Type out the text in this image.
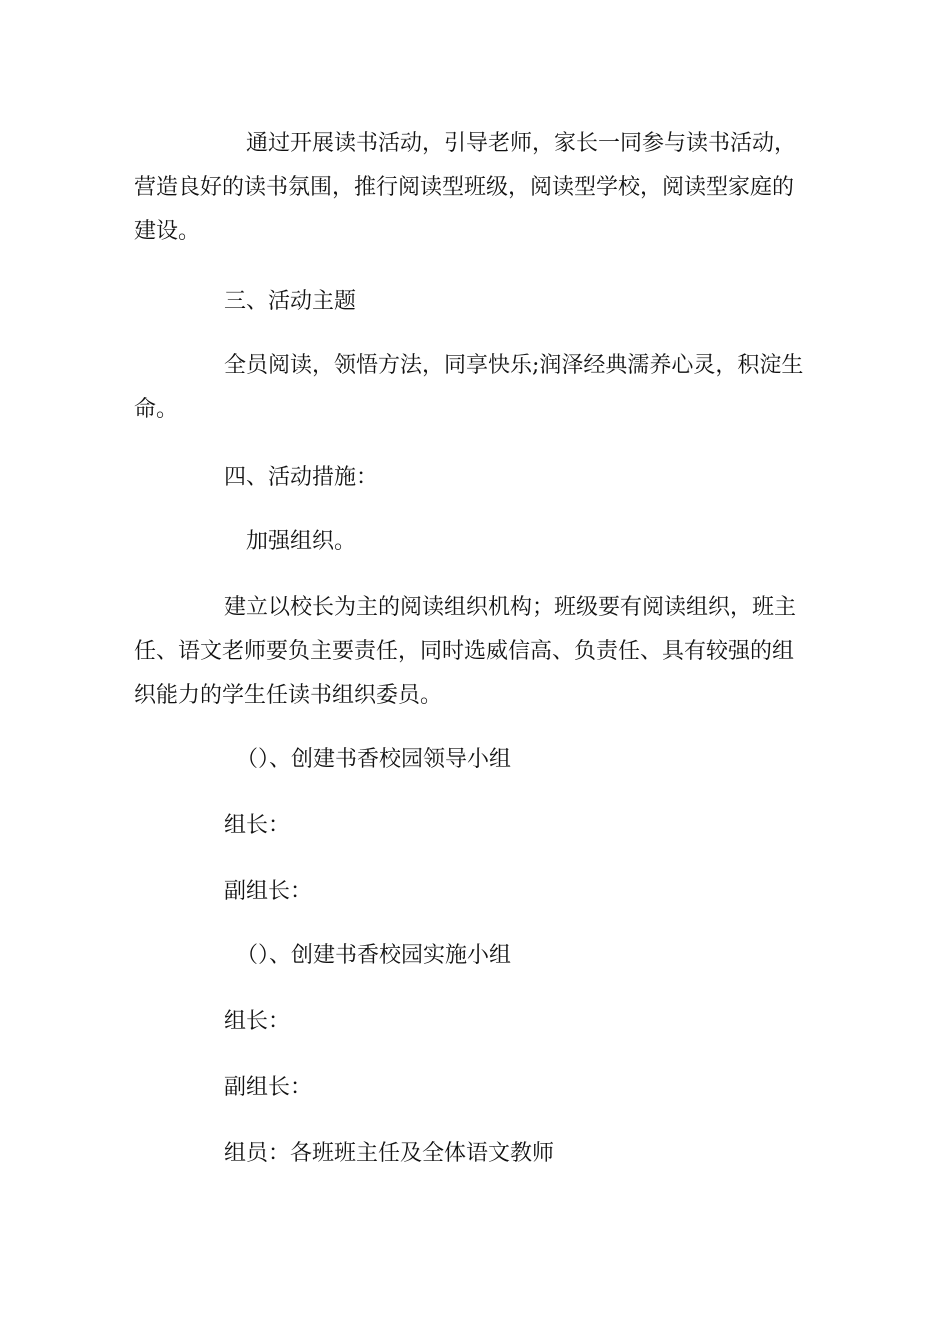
通过开展读书活动，引导老师，家长一同参与读书活动，营造良好的读书氛围，推行阅读型班级，阅读型学校，阅读型家庭的建设。

三、活动主题

全员阅读，领悟方法，同享快乐;润泽经典濡养心灵，积淀生命。

四、活动措施：

加强组织。

建立以校长为主的阅读组织机构；班级要有阅读组织，班主任、语文老师要负主要责任，同时选威信高、负责任、具有较强的组织能力的学生任读书组织委员。

（）、创建书香校园领导小组

组长：

副组长：

（）、创建书香校园实施小组

组长：

副组长：

组员：各班班主任及全体语文教师
